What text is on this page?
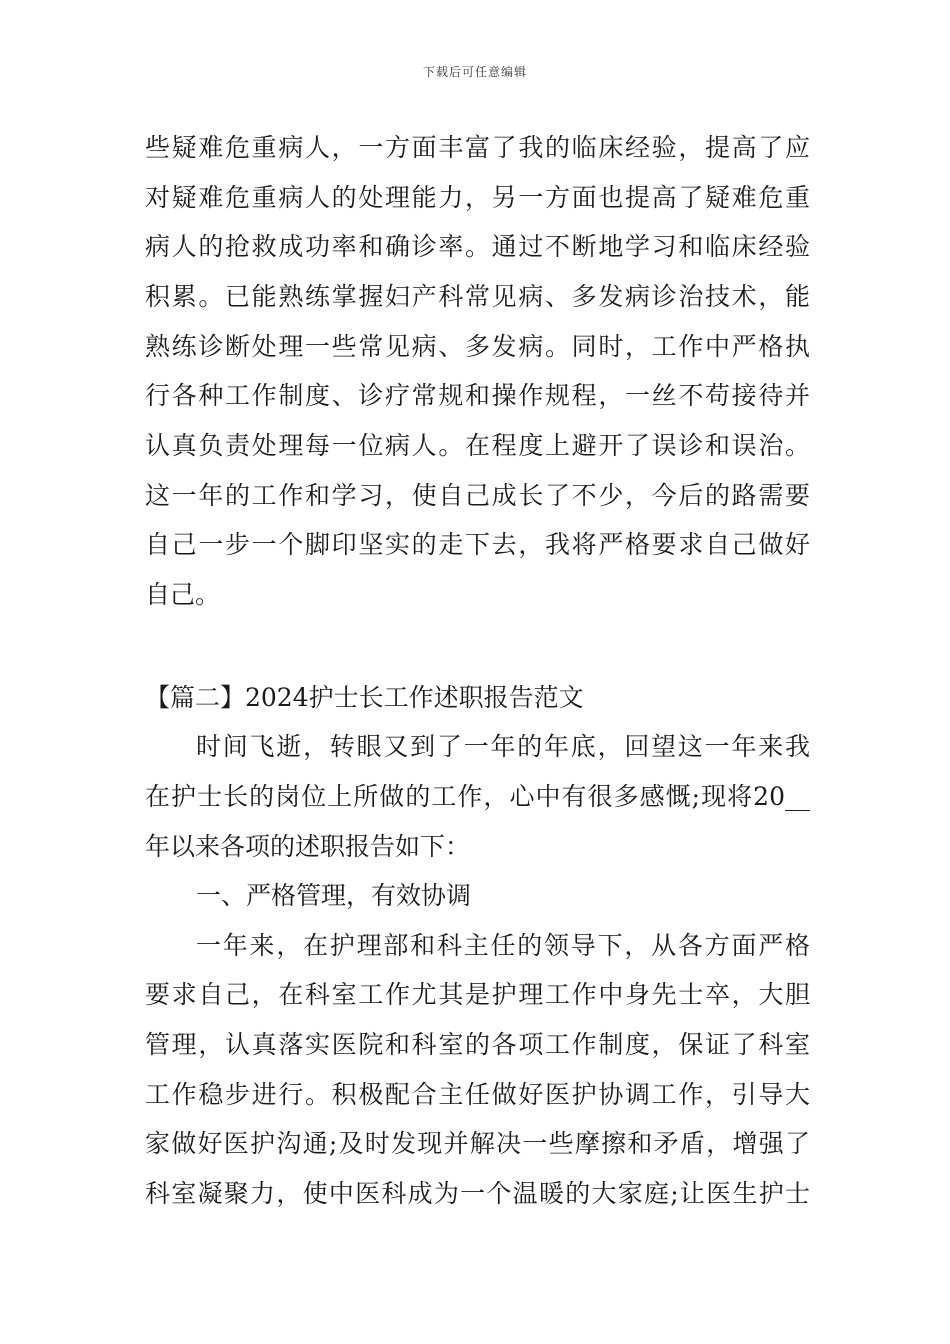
下载后可任意编辑
些疑难危重病人，一方面丰富了我的临床经验，提高了应
对疑难危重病人的处理能力，另一方面也提高了疑难危重
病人的抢救成功率和确诊率。通过不断地学习和临床经验
积累。已能熟练掌握妇产科常见病、多发病诊治技术，能
熟练诊断处理一些常见病、多发病。同时，工作中严格执
行各种工作制度、诊疗常规和操作规程，一丝不苟接待并
认真负责处理每一位病人。在程度上避开了误诊和误治。
这一年的工作和学习，使自己成长了不少，今后的路需要
自己一步一个脚印坚实的走下去，我将严格要求自己做好
自己。
【篇二】2024护士长工作述职报告范文
时间飞逝，转眼又到了一年的年底，回望这一年来我
在护士长的岗位上所做的工作，心中有很多感慨;现将20__
年以来各项的述职报告如下：
一、严格管理，有效协调
一年来，在护理部和科主任的领导下，从各方面严格
要求自己，在科室工作尤其是护理工作中身先士卒，大胆
管理，认真落实医院和科室的各项工作制度，保证了科室
工作稳步进行。积极配合主任做好医护协调工作，引导大
家做好医护沟通;及时发现并解决一些摩擦和矛盾，增强了
科室凝聚力，使中医科成为一个温暖的大家庭;让医生护士
